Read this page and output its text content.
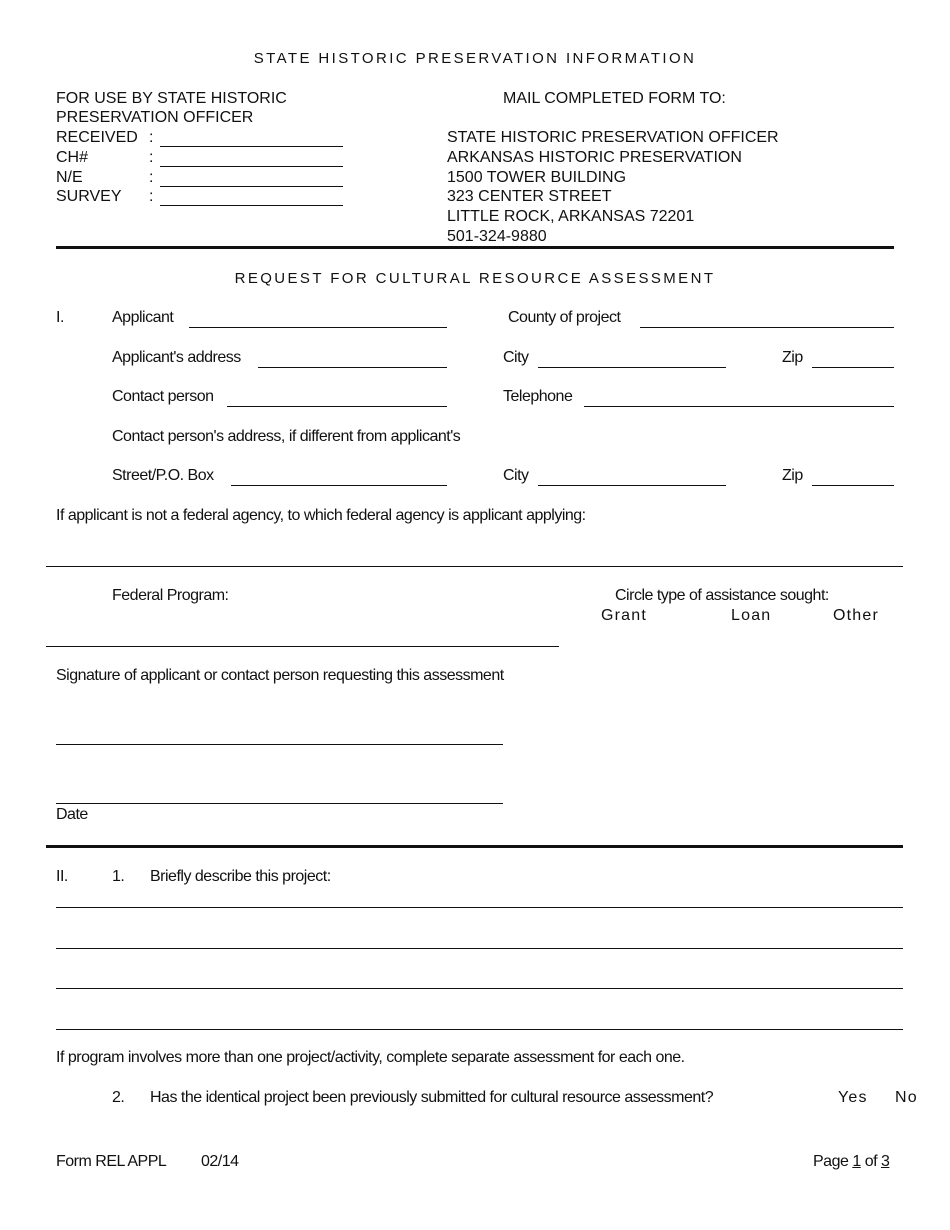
STATE HISTORIC PRESERVATION INFORMATION
FOR USE BY STATE HISTORIC
PRESERVATION OFFICER
RECEIVED :
CH#	:
N/E	:
SURVEY :
MAIL COMPLETED FORM TO:
STATE HISTORIC PRESERVATION OFFICER
ARKANSAS HISTORIC PRESERVATION
1500 TOWER BUILDING
323 CENTER STREET
LITTLE ROCK, ARKANSAS 72201
501-324-9880
REQUEST FOR CULTURAL RESOURCE ASSESSMENT
I.	Applicant	County of project
Applicant's address	City	Zip
Contact person	Telephone
Contact person's address, if different from applicant's
Street/P.O. Box	City	Zip
If applicant is not a federal agency, to which federal agency is applicant applying:
Federal Program:	Circle type of assistance sought:
Grant	Loan	Other
Signature of applicant or contact person requesting this assessment
Date
II.	1. Briefly describe this project:
If program involves more than one project/activity, complete separate assessment for each one.
2. Has the identical project been previously submitted for cultural resource assessment?	Yes No
Form REL APPL 02/14	Page 1 of 3
